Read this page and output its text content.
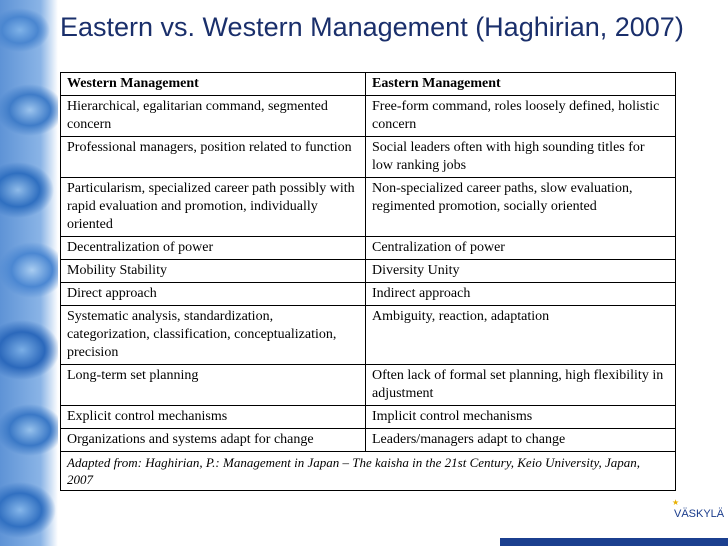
Eastern vs. Western Management (Haghirian, 2007)
Western Management	Eastern Management
Hierarchical, egalitarian command, segmented concern	Free-form command, roles loosely defined, holistic concern
Professional managers, position related to function	Social leaders often with high sounding titles for low ranking jobs
Particularism, specialized career path possibly with rapid evaluation and promotion, individually oriented	Non-specialized career paths, slow evaluation, regimented promotion, socially oriented
Decentralization of power	Centralization of power
Mobility Stability	Diversity Unity
Direct approach	Indirect approach
Systematic analysis, standardization, categorization, classification, conceptualization, precision	Ambiguity, reaction, adaptation
Long-term set planning	Often lack of formal set planning, high flexibility in adjustment
Explicit control mechanisms	Implicit control mechanisms
Organizations and systems adapt for change	Leaders/managers adapt to change
Adapted from: Haghirian, P.: Management in Japan – The kaisha in the 21st Century, Keio University, Japan, 2007	
★
VÄSKYLÄ
